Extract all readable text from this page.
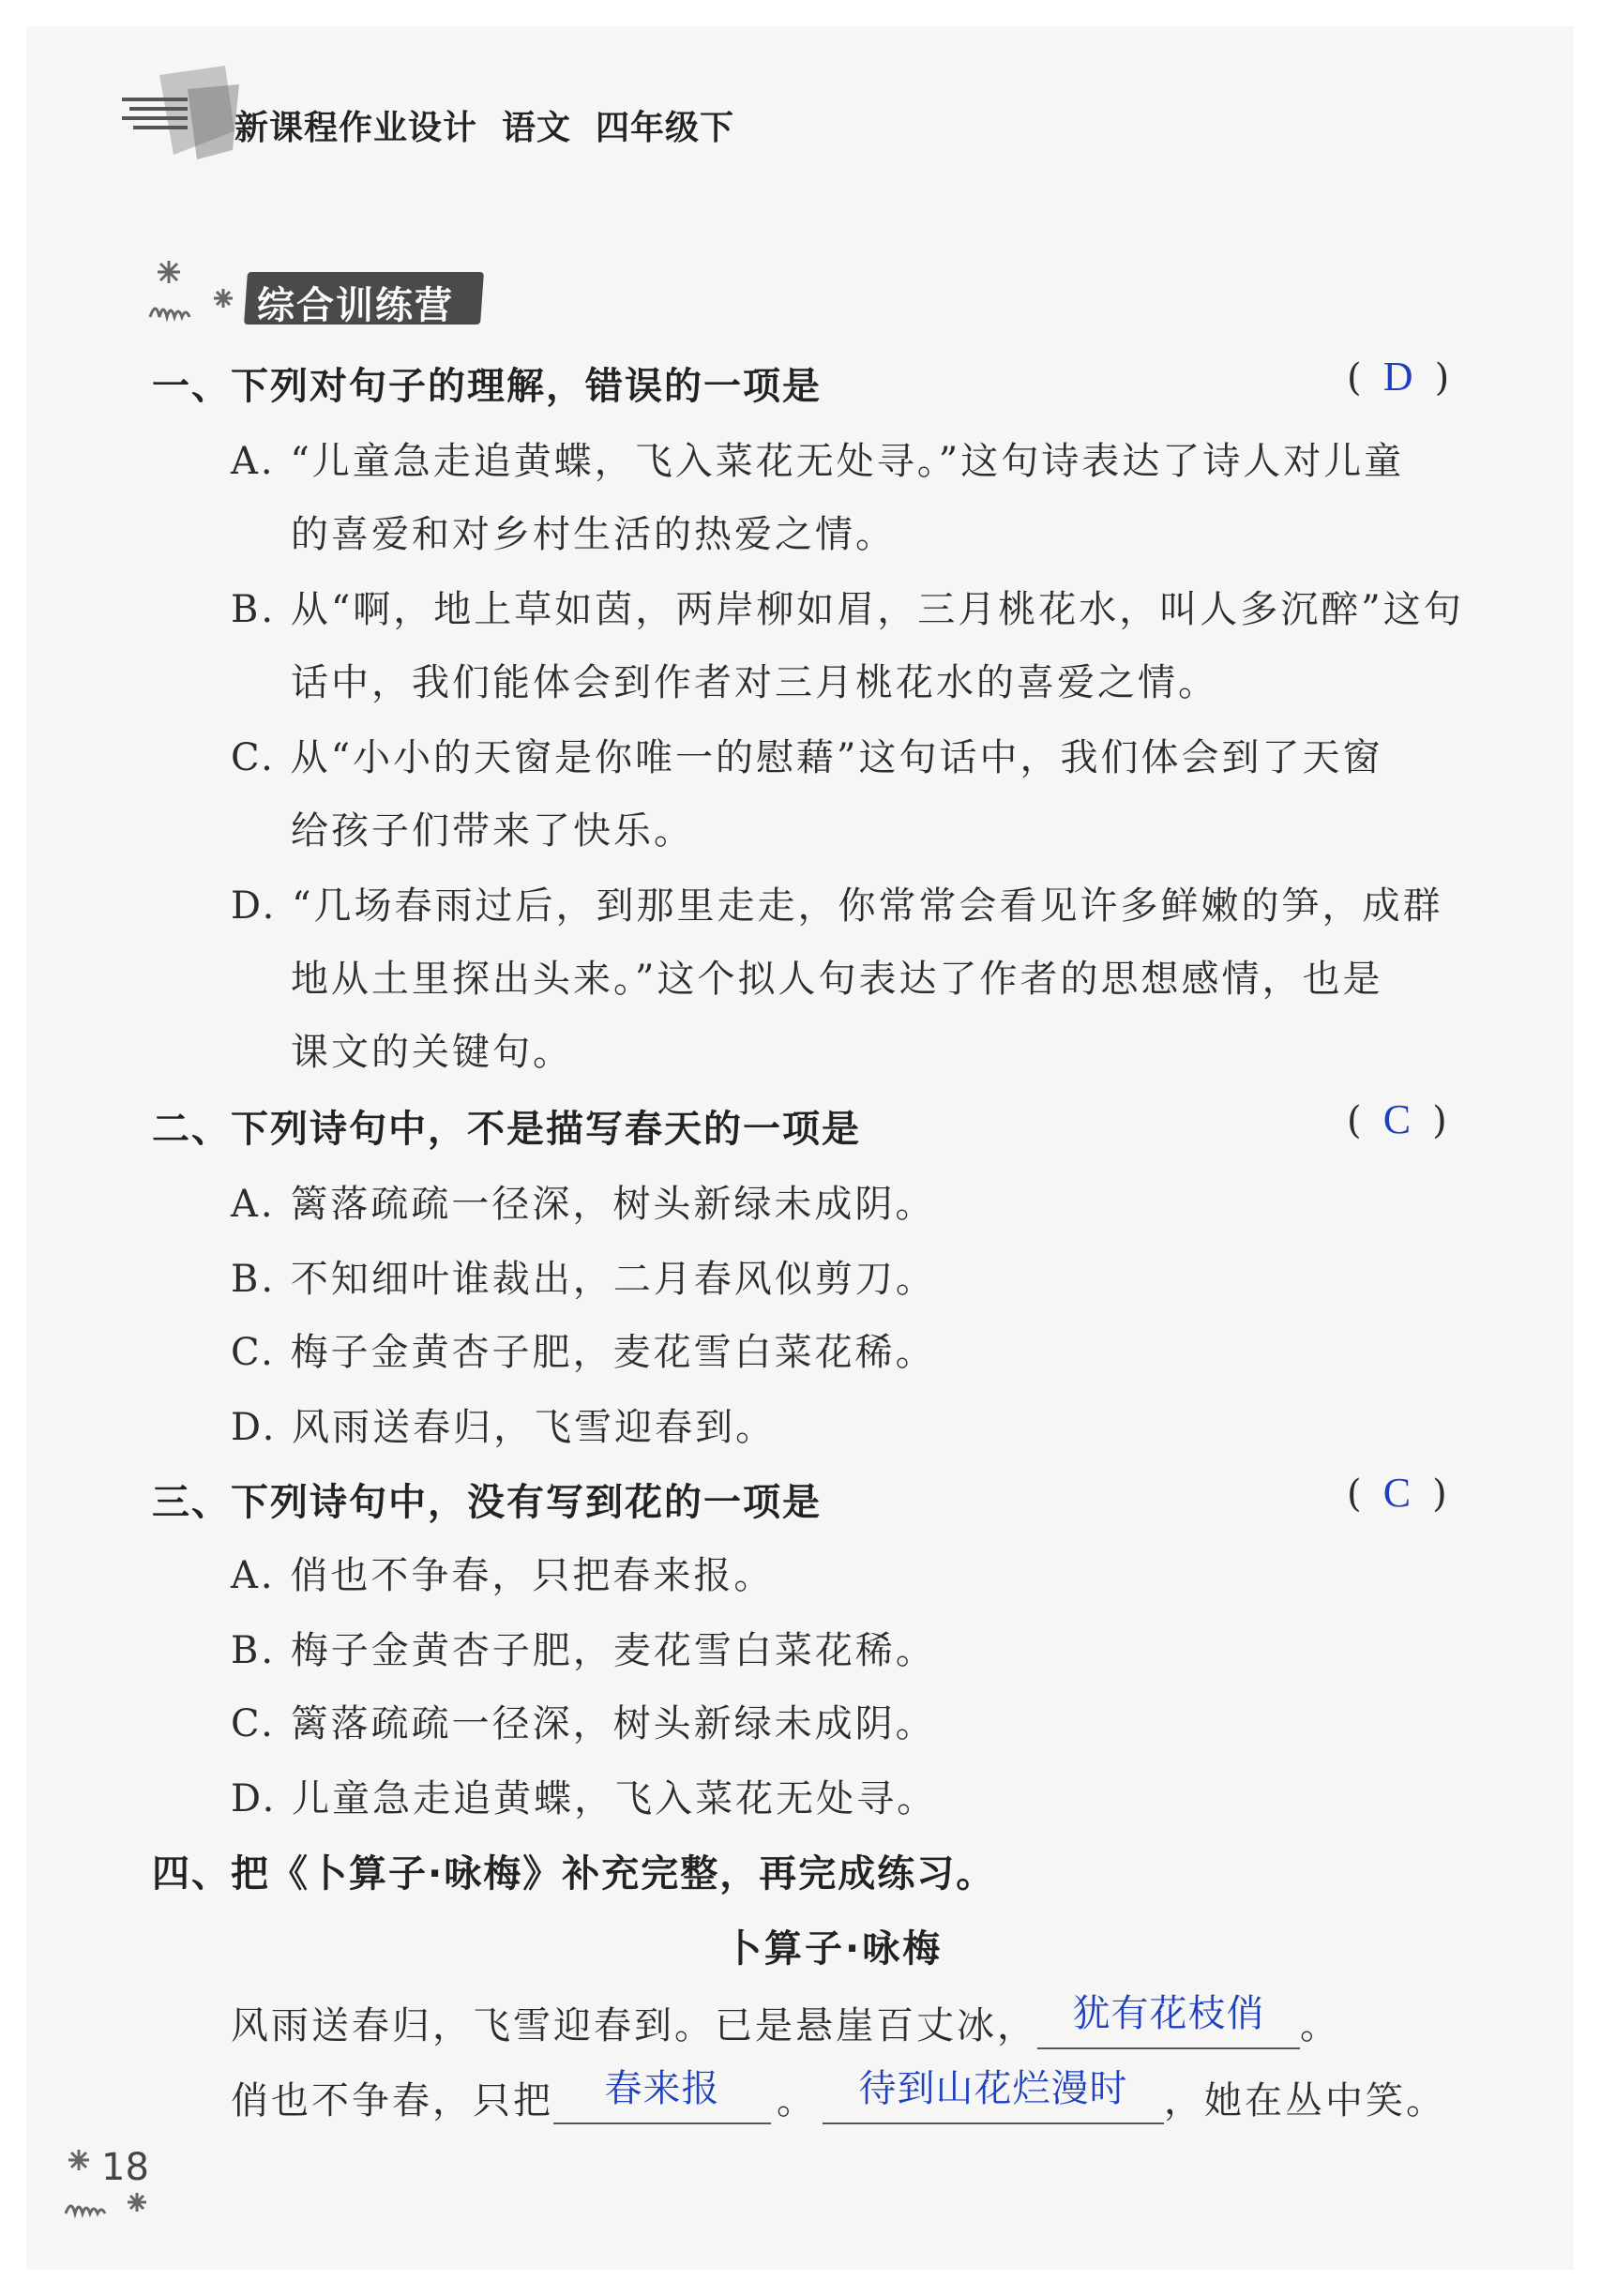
新课程作业设计 语文 四年级下
综合训练营
一、下列对句子的理解，错误的一项是	( D )
A. “儿童急走追黄蝶，飞入菜花无处寻。”这句诗表达了诗人对儿童
的喜爱和对乡村生活的热爱之情。
B. 从“啊，地上草如茵，两岸柳如眉，三月桃花水，叫人多沉醉”这句
话中，我们能体会到作者对三月桃花水的喜爱之情。
C. 从“小小的天窗是你唯一的慰藉”这句话中，我们体会到了天窗
给孩子们带来了快乐。
D. “几场春雨过后，到那里走走，你常常会看见许多鲜嫩的笋，成群
地从土里探出头来。”这个拟人句表达了作者的思想感情，也是
课文的关键句。
二、下列诗句中，不是描写春天的一项是	( C )
A. 篱落疏疏一径深，树头新绿未成阴。
B. 不知细叶谁裁出，二月春风似剪刀。
C. 梅子金黄杏子肥，麦花雪白菜花稀。
D. 风雨送春归，飞雪迎春到。
三、下列诗句中，没有写到花的一项是	( C )
A. 俏也不争春，只把春来报。
B. 梅子金黄杏子肥，麦花雪白菜花稀。
C. 篱落疏疏一径深，树头新绿未成阴。
D. 儿童急走追黄蝶，飞入菜花无处寻。
四、把《卜算子·咏梅》补充完整，再完成练习。
卜算子·咏梅
风雨送春归，飞雪迎春到。已是悬崖百丈冰， 犹有花枝俏 。
俏也不争春，只把	春来报	。	待到山花烂漫时 ，她在丛中笑。
18
